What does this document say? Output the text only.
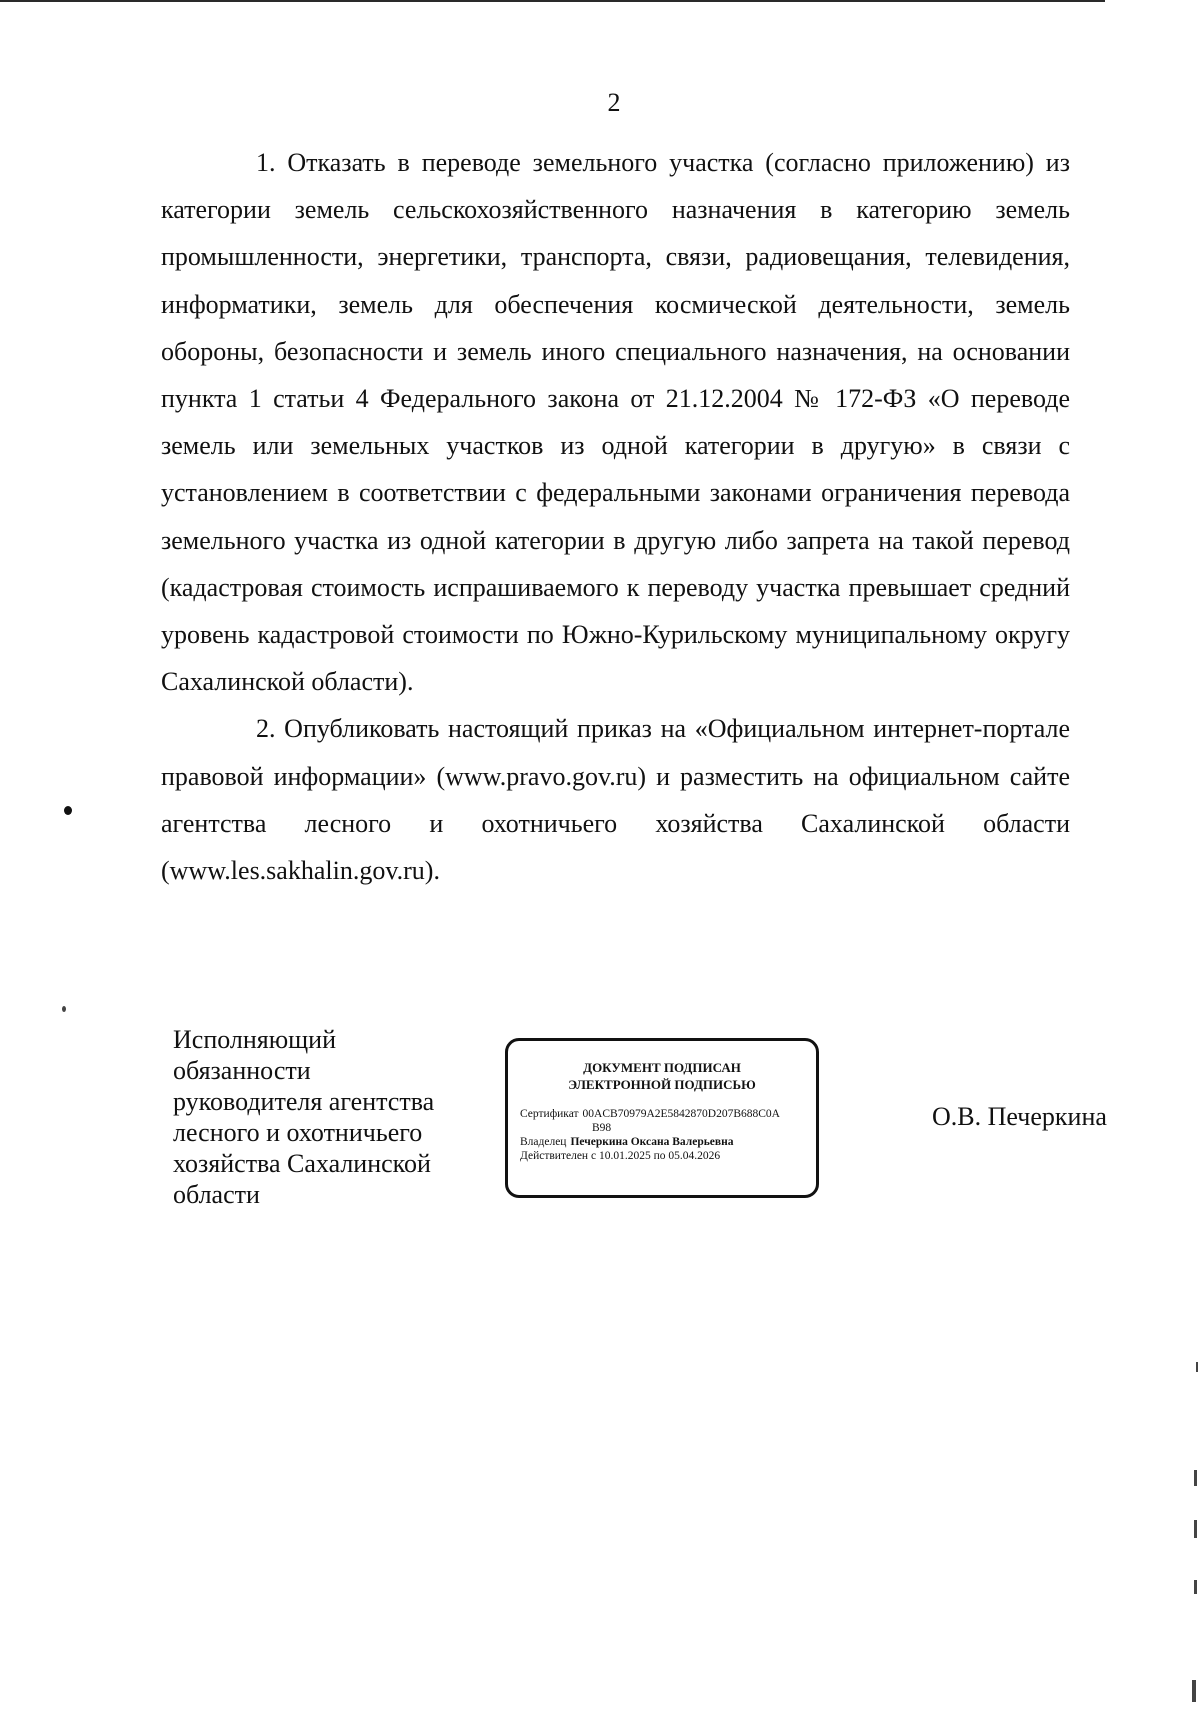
2

1. Отказать в переводе земельного участка (согласно приложению) из категории земель сельскохозяйственного назначения в категорию земель промышленности, энергетики, транспорта, связи, радиовещания, телевидения, информатики, земель для обеспечения космической деятельности, земель обороны, безопасности и земель иного специального назначения, на основании пункта 1 статьи 4 Федерального закона от 21.12.2004 № 172-ФЗ «О переводе земель или земельных участков из одной категории в другую» в связи с установлением в соответствии с федеральными законами ограничения перевода земельного участка из одной категории в другую либо запрета на такой перевод (кадастровая стоимость испрашиваемого к переводу участка превышает средний уровень кадастровой стоимости по Южно-Курильскому муниципальному округу Сахалинской области).

2. Опубликовать настоящий приказ на «Официальном интернет-портале правовой информации» (www.pravo.gov.ru) и разместить на официальном сайте агентства лесного и охотничьего хозяйства Сахалинской области (www.les.sakhalin.gov.ru).

Исполняющий
обязанности
руководителя агентства
лесного и охотничьего
хозяйства Сахалинской
области
ДОКУМЕНТ ПОДПИСАН
ЭЛЕКТРОННОЙ ПОДПИСЬЮ
Сертификат 00ACB70979A2E5842870D207B688C0A
B98
Владелец Печеркина Оксана Валерьевна
Действителен с 10.01.2025 по 05.04.2026
О.В. Печеркина
